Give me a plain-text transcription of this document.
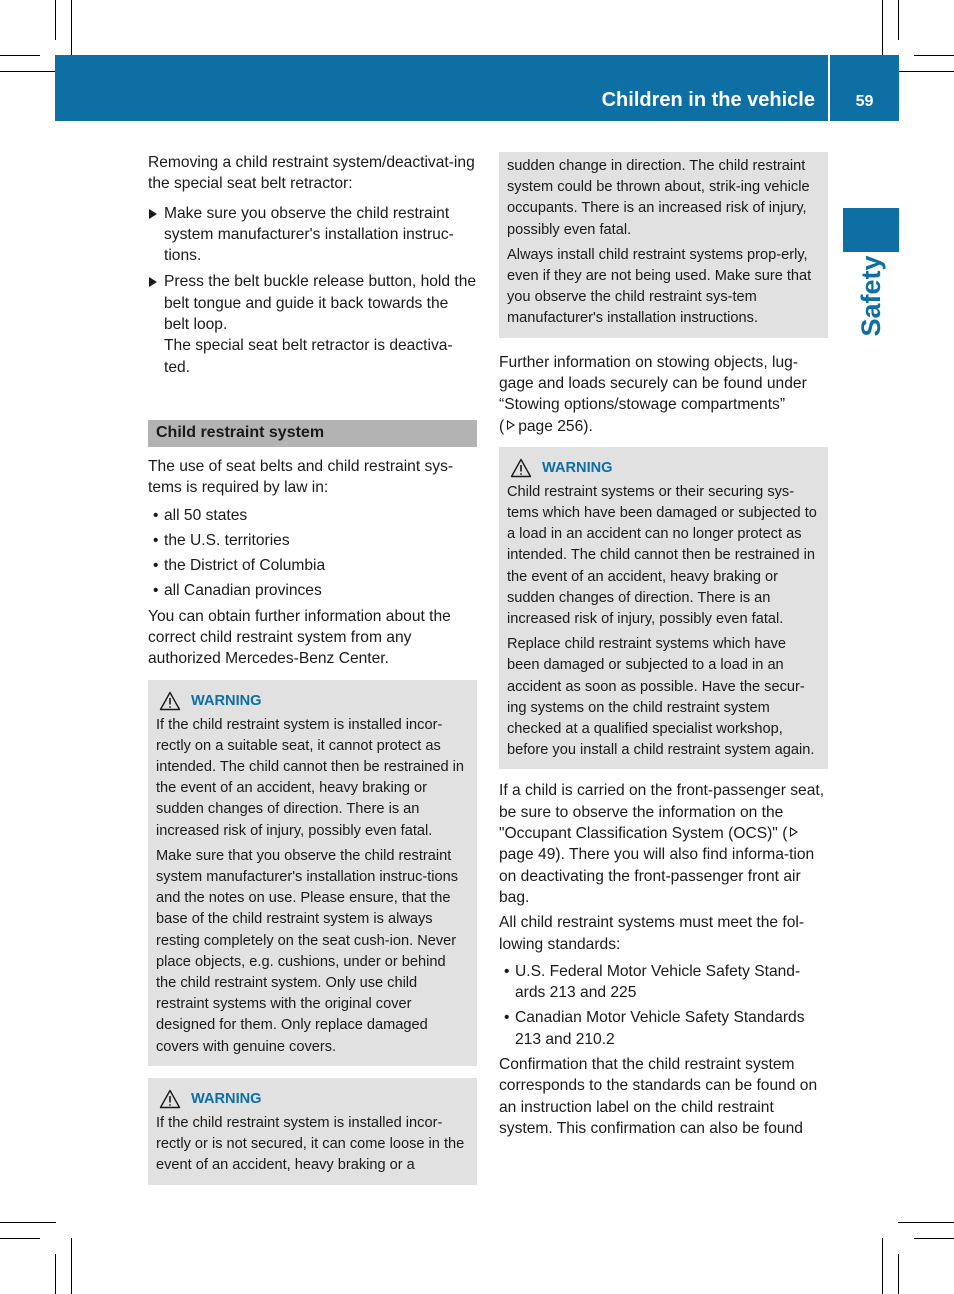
Children in the vehicle	59
Safety

Removing a child restraint system/deactivat-ing the special seat belt retractor:

Make sure you observe the child restraint system manufacturer's installation instruc-tions.
Press the belt buckle release button, hold the belt tongue and guide it back towards the belt loop.

The special seat belt retractor is deactiva-ted.

Child restraint system

The use of seat belts and child restraint sys-tems is required by law in:

• all 50 states
• the U.S. territories
• the District of Columbia
• all Canadian provinces

You can obtain further information about the correct child restraint system from any authorized Mercedes-Benz Center.

WARNING

If the child restraint system is installed incor-rectly on a suitable seat, it cannot protect as intended. The child cannot then be restrained in the event of an accident, heavy braking or sudden changes of direction. There is an increased risk of injury, possibly even fatal.

Make sure that you observe the child restraint system manufacturer's installation instruc-tions and the notes on use. Please ensure, that the base of the child restraint system is always resting completely on the seat cush-ion. Never place objects, e.g. cushions, under or behind the child restraint system. Only use child restraint systems with the original cover designed for them. Only replace damaged covers with genuine covers.

WARNING

If the child restraint system is installed incor-rectly or is not secured, it can come loose in the event of an accident, heavy braking or a

sudden change in direction. The child restraint system could be thrown about, strik-ing vehicle occupants. There is an increased risk of injury, possibly even fatal.

Always install child restraint systems prop-erly, even if they are not being used. Make sure that you observe the child restraint sys-tem manufacturer's installation instructions.

Further information on stowing objects, lug-gage and loads securely can be found under “Stowing options/stowage compartments”
( page 256).

WARNING

Child restraint systems or their securing sys-tems which have been damaged or subjected to a load in an accident can no longer protect as intended. The child cannot then be restrained in the event of an accident, heavy braking or sudden changes of direction. There is an increased risk of injury, possibly even fatal.

Replace child restraint systems which have been damaged or subjected to a load in an accident as soon as possible. Have the secur-ing systems on the child restraint system checked at a qualified specialist workshop, before you install a child restraint system again.

If a child is carried on the front-passenger seat, be sure to observe the information on the "Occupant Classification System (OCS)" (page 49). There you will also find informa-tion on deactivating the front-passenger front air bag.

All child restraint systems must meet the fol-lowing standards:

• U.S. Federal Motor Vehicle Safety Stand-ards 213 and 225
• Canadian Motor Vehicle Safety Standards 213 and 210.2

Confirmation that the child restraint system corresponds to the standards can be found on an instruction label on the child restraint system. This confirmation can also be found
